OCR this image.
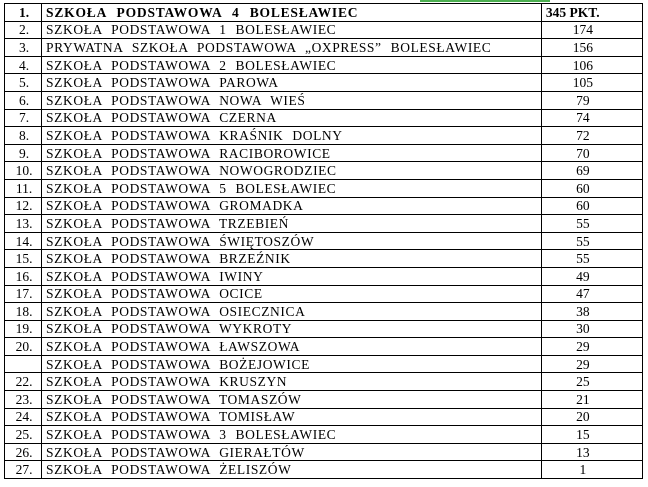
1.	SZKOŁA PODSTAWOWA 4 BOLESŁAWIEC	345 PKT.
2.	SZKOŁA PODSTAWOWA 1 BOLESŁAWIEC	174
3.	PRYWATNA SZKOŁA PODSTAWOWA „OXPRESS” BOLESŁAWIEC	156
4.	SZKOŁA PODSTAWOWA 2 BOLESŁAWIEC	106
5.	SZKOŁA PODSTAWOWA PAROWA	105
6.	SZKOŁA PODSTAWOWA NOWA WIEŚ	79
7.	SZKOŁA PODSTAWOWA CZERNA	74
8.	SZKOŁA PODSTAWOWA KRAŚNIK DOLNY	72
9.	SZKOŁA PODSTAWOWA RACIBOROWICE	70
10.	SZKOŁA PODSTAWOWA NOWOGRODZIEC	69
11.	SZKOŁA PODSTAWOWA 5 BOLESŁAWIEC	60
12.	SZKOŁA PODSTAWOWA GROMADKA	60
13.	SZKOŁA PODSTAWOWA TRZEBIEŃ	55
14.	SZKOŁA PODSTAWOWA ŚWIĘTOSZÓW	55
15.	SZKOŁA PODSTAWOWA BRZEŹNIK	55
16.	SZKOŁA PODSTAWOWA IWINY	49
17.	SZKOŁA PODSTAWOWA OCICE	47
18.	SZKOŁA PODSTAWOWA OSIECZNICA	38
19.	SZKOŁA PODSTAWOWA WYKROTY	30
20.	SZKOŁA PODSTAWOWA ŁAWSZOWA	29
	SZKOŁA PODSTAWOWA BOŻEJOWICE	29
22.	SZKOŁA PODSTAWOWA KRUSZYN	25
23.	SZKOŁA PODSTAWOWA TOMASZÓW	21
24.	SZKOŁA PODSTAWOWA TOMISŁAW	20
25.	SZKOŁA PODSTAWOWA 3 BOLESŁAWIEC	15
26.	SZKOŁA PODSTAWOWA GIERAŁTÓW	13
27.	SZKOŁA PODSTAWOWA ŻELISZÓW	1
